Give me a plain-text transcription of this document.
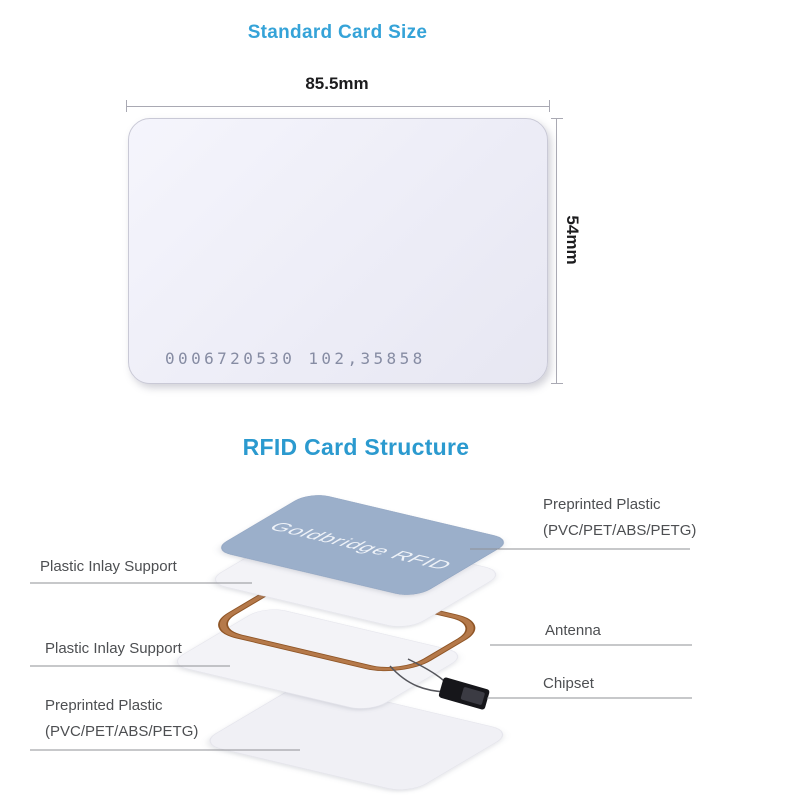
Standard Card Size
85.5mm
0006720530 102,35858
54mm
RFID Card Structure
Goldbridge RFID
Preprinted Plastic
(PVC/PET/ABS/PETG)
Plastic Inlay Support
Antenna
Plastic Inlay Support
Chipset
Preprinted Plastic
(PVC/PET/ABS/PETG)
